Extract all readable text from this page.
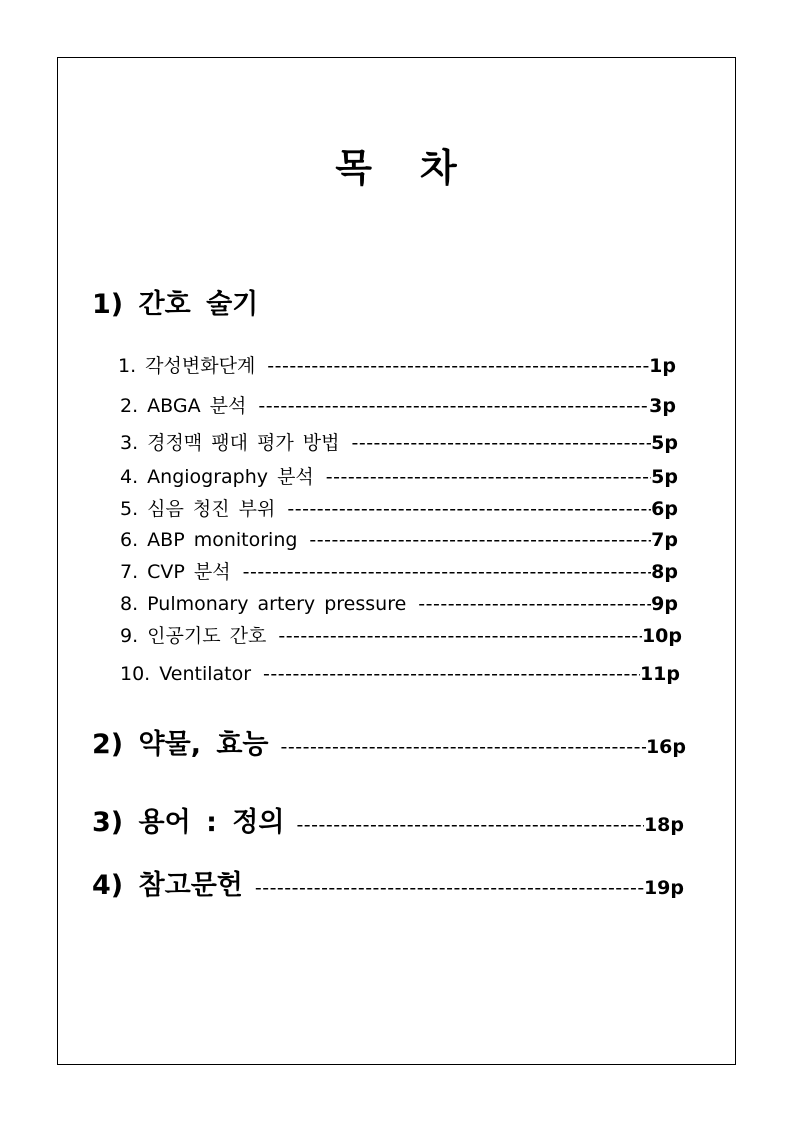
목 차
1) 간호 술기
1. 각성변화단계 -----	1p
2. ABGA 분석 -----	3p
3. 경정맥 팽대 평가 방법 -----	5p
4. Angiography 분석 -----	5p
5. 심음 청진 부위 -----	6p
6. ABP monitoring -----	7p
7. CVP 분석 -----	8p
8. Pulmonary artery pressure -----	9p
9. 인공기도 간호 -----	10p
10. Ventilator -----	11p
2) 약물, 효능 -----	16p
3) 용어 : 정의 -----	18p
4) 참고문헌 -----	19p
